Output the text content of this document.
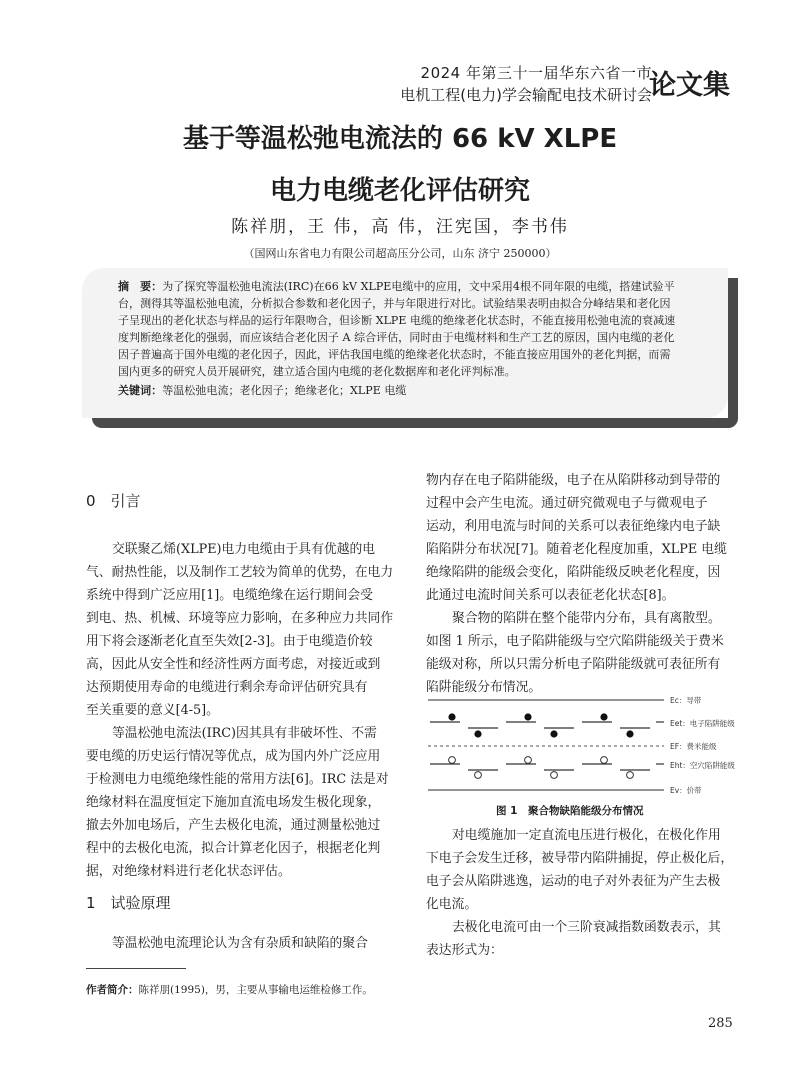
2024 年第三十一届华东六省一市
电机工程(电力)学会输配电技术研讨会
论文集
基于等温松弛电流法的 66 kV XLPE
电力电缆老化评估研究
陈祥朋，王 伟，高 伟，汪宪国，李书伟
（国网山东省电力有限公司超高压分公司，山东 济宁 250000）
摘　要：为了探究等温松弛电流法(IRC)在66 kV XLPE电缆中的应用，文中采用4根不同年限的电缆，搭建试验平
台，测得其等温松弛电流，分析拟合参数和老化因子，并与年限进行对比。试验结果表明由拟合分峰结果和老化因
子呈现出的老化状态与样品的运行年限吻合，但诊断 XLPE 电缆的绝缘老化状态时，不能直接用松弛电流的衰减速
度判断绝缘老化的强弱，而应该结合老化因子 A 综合评估，同时由于电缆材料和生产工艺的原因，国内电缆的老化
因子普遍高于国外电缆的老化因子，因此，评估我国电缆的绝缘老化状态时，不能直接应用国外的老化判据，而需
国内更多的研究人员开展研究，建立适合国内电缆的老化数据库和老化评判标准。
关键词：等温松弛电流；老化因子；绝缘老化；XLPE 电缆
0　引言
交联聚乙烯(XLPE)电力电缆由于具有优越的电
气、耐热性能，以及制作工艺较为简单的优势，在电力
系统中得到广泛应用[1]。电缆绝缘在运行期间会受
到电、热、机械、环境等应力影响，在多种应力共同作
用下将会逐渐老化直至失效[2-3]。由于电缆造价较
高，因此从安全性和经济性两方面考虑，对接近或到
达预期使用寿命的电缆进行剩余寿命评估研究具有
至关重要的意义[4-5]。
等温松弛电流法(IRC)因其具有非破坏性、不需
要电缆的历史运行情况等优点，成为国内外广泛应用
于检测电力电缆绝缘性能的常用方法[6]。IRC 法是对
绝缘材料在温度恒定下施加直流电场发生极化现象，
撤去外加电场后，产生去极化电流，通过测量松弛过
程中的去极化电流，拟合计算老化因子，根据老化判
据，对绝缘材料进行老化状态评估。
1　试验原理
等温松弛电流理论认为含有杂质和缺陷的聚合
物内存在电子陷阱能级，电子在从陷阱移动到导带的
过程中会产生电流。通过研究微观电子与微观电子
运动，利用电流与时间的关系可以表征绝缘内电子缺
陷陷阱分布状况[7]。随着老化程度加重，XLPE 电缆
绝缘陷阱的能级会变化，陷阱能级反映老化程度，因
此通过电流时间关系可以表征老化状态[8]。
聚合物的陷阱在整个能带内分布，具有离散型。
如图 1 所示，电子陷阱能级与空穴陷阱能级关于费米
能级对称，所以只需分析电子陷阱能级就可表征所有
陷阱能级分布情况。
Ec：导带
Eet：电子陷阱能级
EF：费米能级
Eht：空穴陷阱能级
Ev：价带
图 1　聚合物缺陷能级分布情况
对电缆施加一定直流电压进行极化，在极化作用
下电子会发生迁移，被导带内陷阱捕捉，停止极化后，
电子会从陷阱逃逸，运动的电子对外表征为产生去极
化电流。
去极化电流可由一个三阶衰减指数函数表示，其
表达形式为：
作者简介：陈祥朋(1995)，男，主要从事输电运维检修工作。
285
